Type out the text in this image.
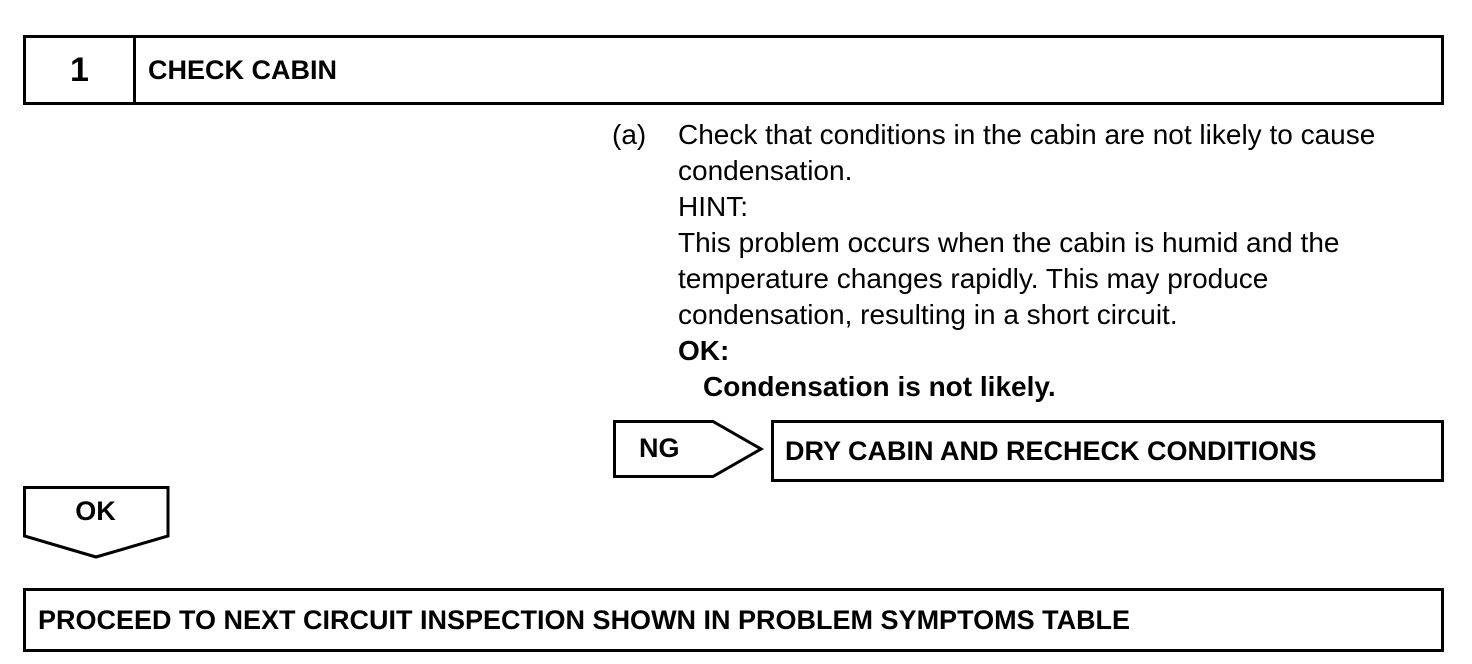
1	CHECK CABIN
(a)	Check that conditions in the cabin are not likely to cause
condensation.
HINT:
This problem occurs when the cabin is humid and the
temperature changes rapidly. This may produce
condensation, resulting in a short circuit.
OK:
Condensation is not likely.
NG	DRY CABIN AND RECHECK CONDITIONS
OK
PROCEED TO NEXT CIRCUIT INSPECTION SHOWN IN PROBLEM SYMPTOMS TABLE
